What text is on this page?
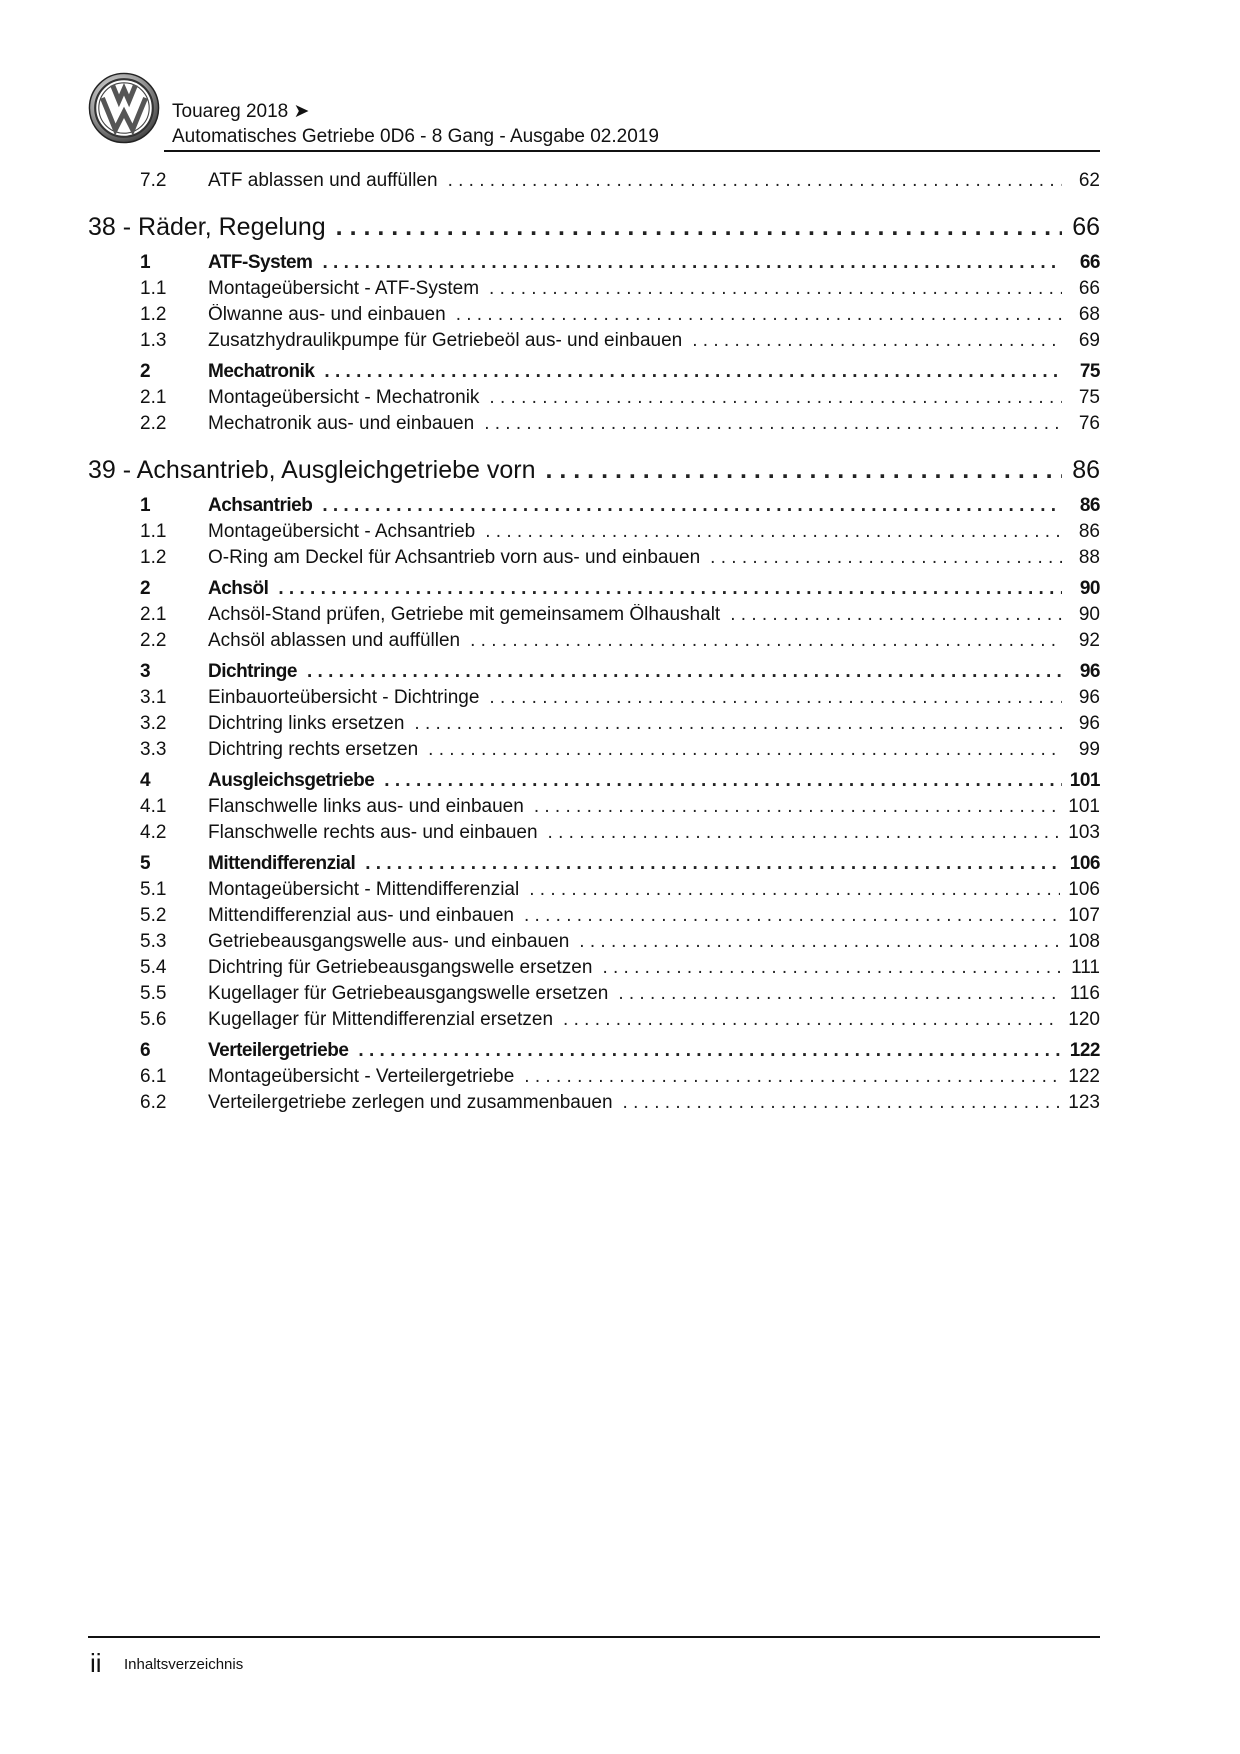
Touareg 2018 ➤
Automatisches Getriebe 0D6 - 8 Gang - Ausgabe 02.2019
7.2	ATF ablassen und auffüllen . . .	62
38 - Räder, Regelung . . .	66
1	ATF-System . . .	66
1.1	Montageübersicht - ATF-System . . .	66
1.2	Ölwanne aus- und einbauen . . .	68
1.3	Zusatzhydraulikpumpe für Getriebeöl aus- und einbauen . . .	69
2	Mechatronik . . .	75
2.1	Montageübersicht - Mechatronik . . .	75
2.2	Mechatronik aus- und einbauen . . .	76
39 - Achsantrieb, Ausgleichgetriebe vorn . . .	86
1	Achsantrieb . . .	86
1.1	Montageübersicht - Achsantrieb . . .	86
1.2	O-Ring am Deckel für Achsantrieb vorn aus- und einbauen . . .	88
2	Achsöl . . .	90
2.1	Achsöl-Stand prüfen, Getriebe mit gemeinsamem Ölhaushalt . . .	90
2.2	Achsöl ablassen und auffüllen . . .	92
3	Dichtringe . . .	96
3.1	Einbauorteübersicht - Dichtringe . . .	96
3.2	Dichtring links ersetzen . . .	96
3.3	Dichtring rechts ersetzen . . .	99
4	Ausgleichsgetriebe . . .	101
4.1	Flanschwelle links aus- und einbauen . . .	101
4.2	Flanschwelle rechts aus- und einbauen . . .	103
5	Mittendifferenzial . . .	106
5.1	Montageübersicht - Mittendifferenzial . . .	106
5.2	Mittendifferenzial aus- und einbauen . . .	107
5.3	Getriebeausgangswelle aus- und einbauen . . .	108
5.4	Dichtring für Getriebeausgangswelle ersetzen . . .	111
5.5	Kugellager für Getriebeausgangswelle ersetzen . . .	116
5.6	Kugellager für Mittendifferenzial ersetzen . . .	120
6	Verteilergetriebe . . .	122
6.1	Montageübersicht - Verteilergetriebe . . .	122
6.2	Verteilergetriebe zerlegen und zusammenbauen . . .	123
ii Inhaltsverzeichnis
